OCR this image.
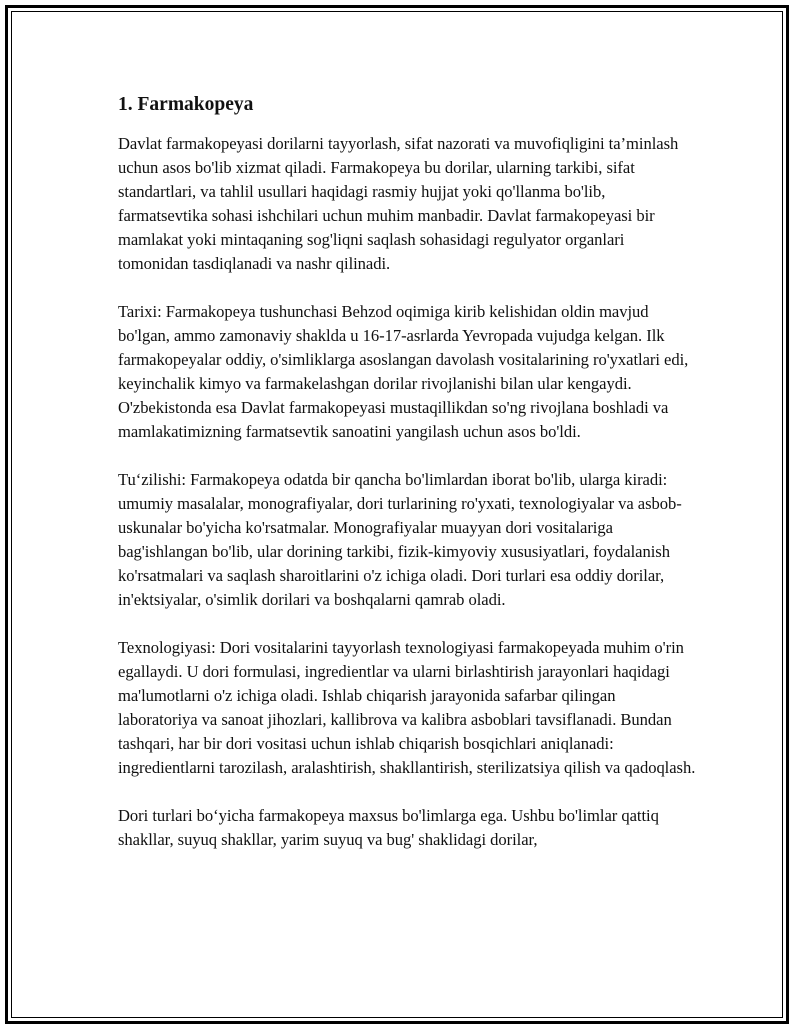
1. Farmakopeya

Davlat farmakopeyasi dorilarni tayyorlash, sifat nazorati va muvofiqligini ta’minlash uchun asos bo'lib xizmat qiladi. Farmakopeya bu dorilar, ularning tarkibi, sifat standartlari, va tahlil usullari haqidagi rasmiy hujjat yoki qo'llanma bo'lib, farmatsevtika sohasi ishchilari uchun muhim manbadir. Davlat farmakopeyasi bir mamlakat yoki mintaqaning sog'liqni saqlash sohasidagi regulyator organlari tomonidan tasdiqlanadi va nashr qilinadi.

Tarixi: Farmakopeya tushunchasi Behzod oqimiga kirib kelishidan oldin mavjud bo'lgan, ammo zamonaviy shaklda u 16-17-asrlarda Yevropada vujudga kelgan. Ilk farmakopeyalar oddiy, o'simliklarga asoslangan davolash vositalarining ro'yxatlari edi, keyinchalik kimyo va farmakelashgan dorilar rivojlanishi bilan ular kengaydi. O'zbekistonda esa Davlat farmakopeyasi mustaqillikdan so'ng rivojlana boshladi va mamlakatimizning farmatsevtik sanoatini yangilash uchun asos bo'ldi.

Tu‘zilishi: Farmakopeya odatda bir qancha bo'limlardan iborat bo'lib, ularga kiradi: umumiy masalalar, monografiyalar, dori turlarining ro'yxati, texnologiyalar va asbob-uskunalar bo'yicha ko'rsatmalar. Monografiyalar muayyan dori vositalariga bag'ishlangan bo'lib, ular dorining tarkibi, fizik-kimyoviy xususiyatlari, foydalanish ko'rsatmalari va saqlash sharoitlarini o'z ichiga oladi. Dori turlari esa oddiy dorilar, in'ektsiyalar, o'simlik dorilari va boshqalarni qamrab oladi.

Texnologiyasi: Dori vositalarini tayyorlash texnologiyasi farmakopeyada muhim o'rin egallaydi. U dori formulasi, ingredientlar va ularni birlashtirish jarayonlari haqidagi ma'lumotlarni o'z ichiga oladi. Ishlab chiqarish jarayonida safarbar qilingan laboratoriya va sanoat jihozlari, kallibrova va kalibra asboblari tavsiflanadi. Bundan tashqari, har bir dori vositasi uchun ishlab chiqarish bosqichlari aniqlanadi: ingredientlarni tarozilash, aralashtirish, shakllantirish, sterilizatsiya qilish va qadoqlash.

Dori turlari bo‘yicha farmakopeya maxsus bo'limlarga ega. Ushbu bo'limlar qattiq shakllar, suyuq shakllar, yarim suyuq va bug' shaklidagi dorilar,
